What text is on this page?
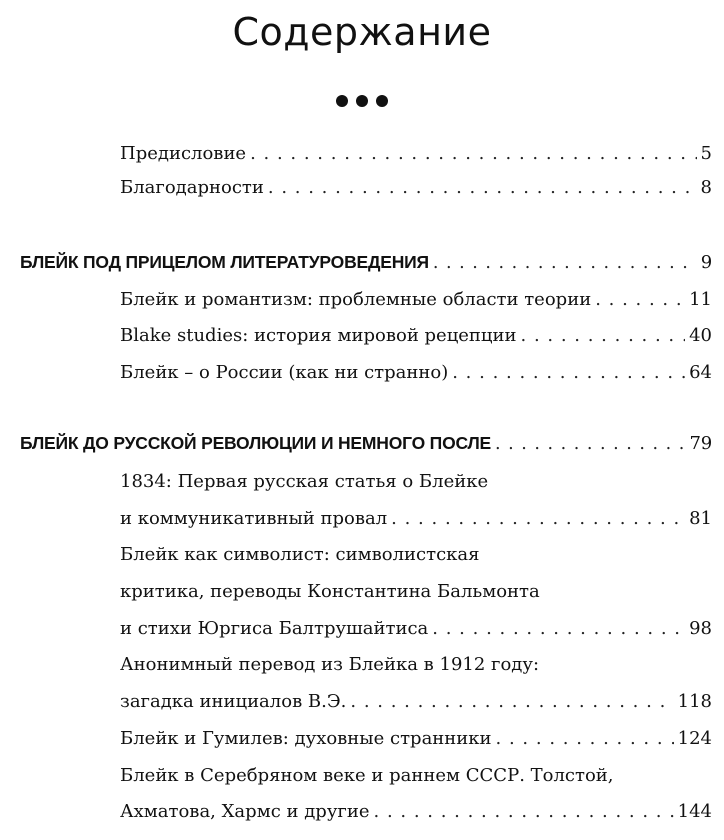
Содержание
Предисловие . . .	5
Благодарности . . .	8
БЛЕЙК ПОД ПРИЦЕЛОМ ЛИТЕРАТУРОВЕДЕНИЯ . . .	9
Блейк и романтизм: проблемные области теории . . .	11
Blake studies: история мировой рецепции . . .	40
Блейк – о России (как ни странно) . . .	64
БЛЕЙК ДО РУССКОЙ РЕВОЛЮЦИИ И НЕМНОГО ПОСЛЕ . . .	79
1834: Первая русская статья о Блейке
и коммуникативный провал . . .	81
Блейк как символист: символистская
критика, переводы Константина Бальмонта
и стихи Юргиса Балтрушайтиса . . .	98
Анонимный перевод из Блейка в 1912 году:
загадка инициалов В.Э. . . .	118
Блейк и Гумилев: духовные странники . . .	124
Блейк в Серебряном веке и раннем СССР. Толстой,
Ахматова, Хармс и другие . . .	144
